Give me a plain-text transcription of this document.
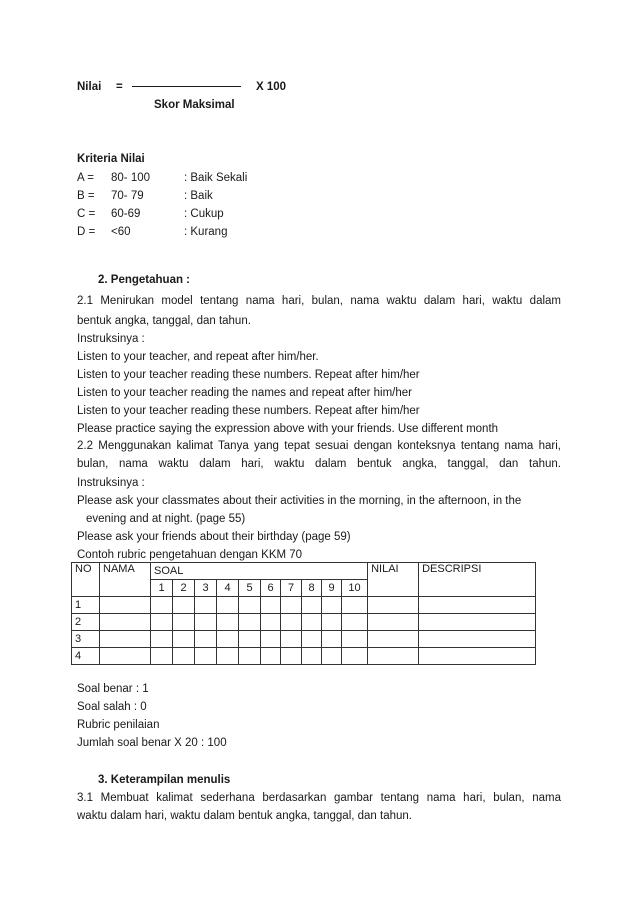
Nilai =	X 100
Skor Maksimal
Kriteria Nilai
A = 80- 100	: Baik Sekali
B = 70- 79	: Baik
C = 60-69	: Cukup
D = <60	: Kurang
2. Pengetahuan :
2.1 Menirukan model tentang nama hari, bulan, nama waktu dalam hari, waktu dalam
bentuk angka, tanggal, dan tahun.
Instruksinya :
Listen to your teacher, and repeat after him/her.
Listen to your teacher reading these numbers. Repeat after him/her
Listen to your teacher reading the names and repeat after him/her
Listen to your teacher reading these numbers. Repeat after him/her
Please practice saying the expression above with your friends. Use different month
2.2 Menggunakan kalimat Tanya yang tepat sesuai dengan konteksnya tentang nama hari,
bulan, nama waktu dalam hari, waktu dalam bentuk angka, tanggal, dan tahun.
Instruksinya :
Please ask your classmates about their activities in the morning, in the afternoon, in the
evening and at night. (page 55)
Please ask your friends about their birthday (page 59)
Contoh rubric pengetahuan dengan KKM 70
NO	NAMA	SOAL										NILAI	DESCRIPSI
		1	2	3	4	5	6	7	8	9	10		
1													
2													
3													
4													
Soal benar : 1
Soal salah : 0
Rubric penilaian
Jumlah soal benar X 20 : 100
3. Keterampilan menulis
3.1 Membuat kalimat sederhana berdasarkan gambar tentang nama hari, bulan, nama
waktu dalam hari, waktu dalam bentuk angka, tanggal, dan tahun.
